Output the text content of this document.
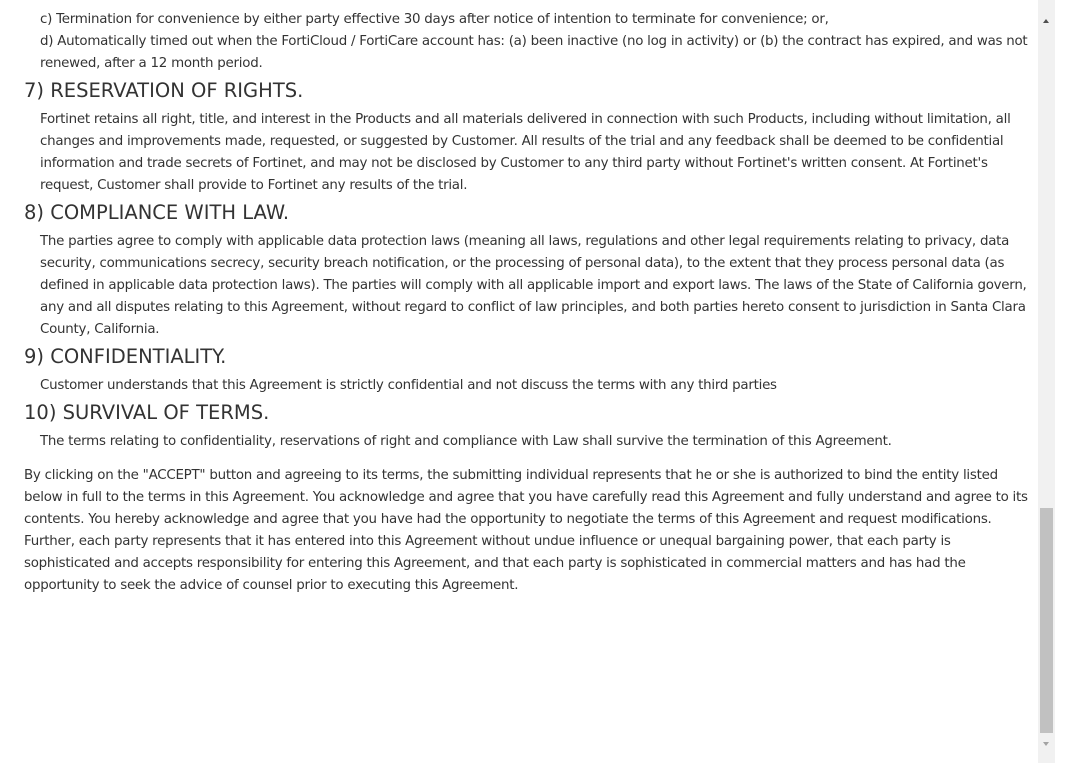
c) Termination for convenience by either party effective 30 days after notice of intention to terminate for convenience; or,

d) Automatically timed out when the FortiCloud / FortiCare account has: (a) been inactive (no log in activity) or (b) the contract has expired, and was not renewed, after a 12 month period.

7) RESERVATION OF RIGHTS.

Fortinet retains all right, title, and interest in the Products and all materials delivered in connection with such Products, including without limitation, all changes and improvements made, requested, or suggested by Customer. All results of the trial and any feedback shall be deemed to be confidential information and trade secrets of Fortinet, and may not be disclosed by Customer to any third party without Fortinet's written consent. At Fortinet's request, Customer shall provide to Fortinet any results of the trial.

8) COMPLIANCE WITH LAW.

The parties agree to comply with applicable data protection laws (meaning all laws, regulations and other legal requirements relating to privacy, data security, communications secrecy, security breach notification, or the processing of personal data), to the extent that they process personal data (as defined in applicable data protection laws). The parties will comply with all applicable import and export laws. The laws of the State of California govern, any and all disputes relating to this Agreement, without regard to conflict of law principles, and both parties hereto consent to jurisdiction in Santa Clara County, California.

9) CONFIDENTIALITY.

Customer understands that this Agreement is strictly confidential and not discuss the terms with any third parties

10) SURVIVAL OF TERMS.

The terms relating to confidentiality, reservations of right and compliance with Law shall survive the termination of this Agreement.

By clicking on the "ACCEPT" button and agreeing to its terms, the submitting individual represents that he or she is authorized to bind the entity listed below in full to the terms in this Agreement. You acknowledge and agree that you have carefully read this Agreement and fully understand and agree to its contents. You hereby acknowledge and agree that you have had the opportunity to negotiate the terms of this Agreement and request modifications. Further, each party represents that it has entered into this Agreement without undue influence or unequal bargaining power, that each party is sophisticated and accepts responsibility for entering this Agreement, and that each party is sophisticated in commercial matters and has had the opportunity to seek the advice of counsel prior to executing this Agreement.
